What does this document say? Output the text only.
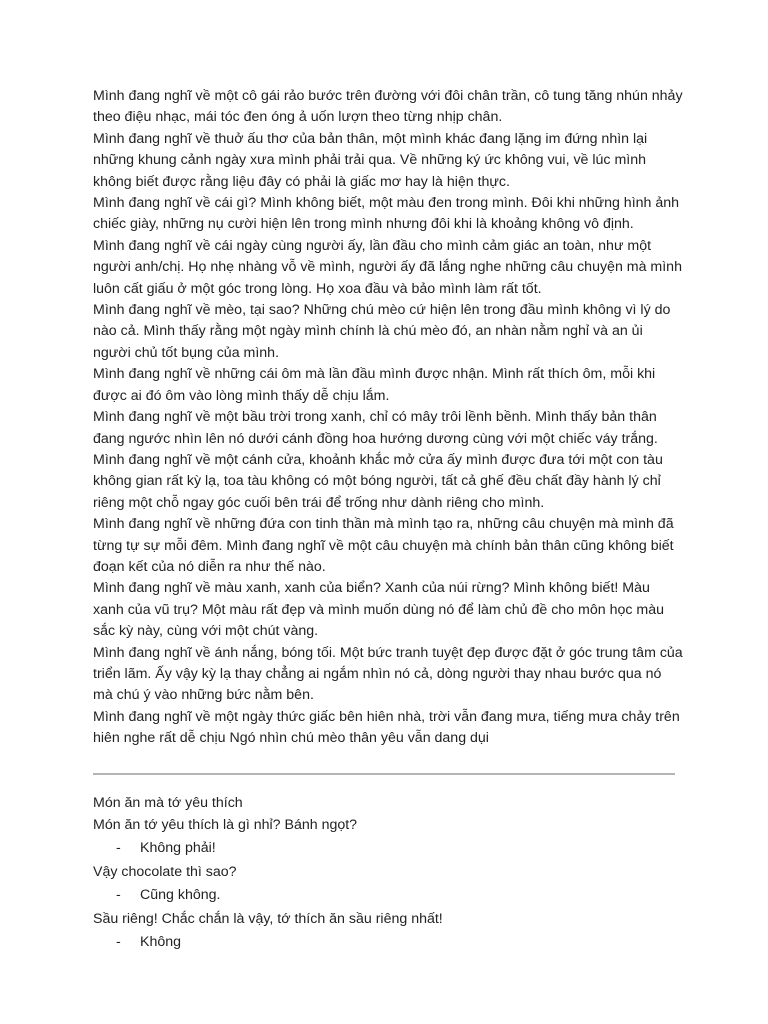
Mình đang nghĩ về một cô gái rảo bước trên đường với đôi chân trần, cô tung tăng nhún nhảy theo điệu nhạc, mái tóc đen óng ả uốn lượn theo từng nhịp chân.

Mình đang nghĩ về thuở ấu thơ của bản thân, một mình khác đang lặng im đứng nhìn lại những khung cảnh ngày xưa mình phải trải qua. Về những ký ức không vui, về lúc mình không biết được rằng liệu đây có phải là giấc mơ hay là hiện thực.

Mình đang nghĩ về cái gì? Mình không biết, một màu đen trong mình. Đôi khi những hình ảnh chiếc giày, những nụ cười hiện lên trong mình nhưng đôi khi là khoảng không vô định.

Mình đang nghĩ về cái ngày cùng người ấy, lần đầu cho mình cảm giác an toàn, như một người anh/chị. Họ nhẹ nhàng vỗ về mình, người ấy đã lắng nghe những câu chuyện mà mình luôn cất giấu ở một góc trong lòng. Họ xoa đầu và bảo mình làm rất tốt.

Mình đang nghĩ về mèo, tại sao? Những chú mèo cứ hiện lên trong đầu mình không vì lý do nào cả. Mình thấy rằng một ngày mình chính là chú mèo đó, an nhàn nằm nghỉ và an ủi người chủ tốt bụng của mình.

Mình đang nghĩ về những cái ôm mà lần đầu mình được nhận. Mình rất thích ôm, mỗi khi được ai đó ôm vào lòng mình thấy dễ chịu lắm.

Mình đang nghĩ về một bầu trời trong xanh, chỉ có mây trôi lềnh bềnh. Mình thấy bản thân đang ngước nhìn lên nó dưới cánh đồng hoa hướng dương cùng với một chiếc váy trắng.

Mình đang nghĩ về một cánh cửa, khoảnh khắc mở cửa ấy mình được đưa tới một con tàu không gian rất kỳ lạ, toa tàu không có một bóng người, tất cả ghế đều chất đầy hành lý chỉ riêng một chỗ ngay góc cuối bên trái để trống như dành riêng cho mình.

Mình đang nghĩ về những đứa con tinh thần mà mình tạo ra, những câu chuyện mà mình đã từng tự sự mỗi đêm. Mình đang nghĩ về một câu chuyện mà chính bản thân cũng không biết đoạn kết của nó diễn ra như thế nào.

Mình đang nghĩ về màu xanh, xanh của biển? Xanh của núi rừng? Mình không biết! Màu xanh của vũ trụ? Một màu rất đẹp và mình muốn dùng nó để làm chủ đề cho môn học màu sắc kỳ này, cùng với một chút vàng.

Mình đang nghĩ về ánh nắng, bóng tối. Một bức tranh tuyệt đẹp được đặt ở góc trung tâm của triển lãm. Ấy vậy kỳ lạ thay chẳng ai ngắm nhìn nó cả, dòng người thay nhau bước qua nó mà chú ý vào những bức nằm bên.

Mình đang nghĩ về một ngày thức giấc bên hiên nhà, trời vẫn đang mưa, tiếng mưa chảy trên hiên nghe rất dễ chịu Ngó nhìn chú mèo thân yêu vẫn dang dụi

Món ăn mà tớ yêu thích

Món ăn tớ yêu thích là gì nhỉ? Bánh ngọt?

-	Không phải!

Vậy chocolate thì sao?

-	Cũng không.

Sầu riêng! Chắc chắn là vậy, tớ thích ăn sầu riêng nhất!

-	Không
